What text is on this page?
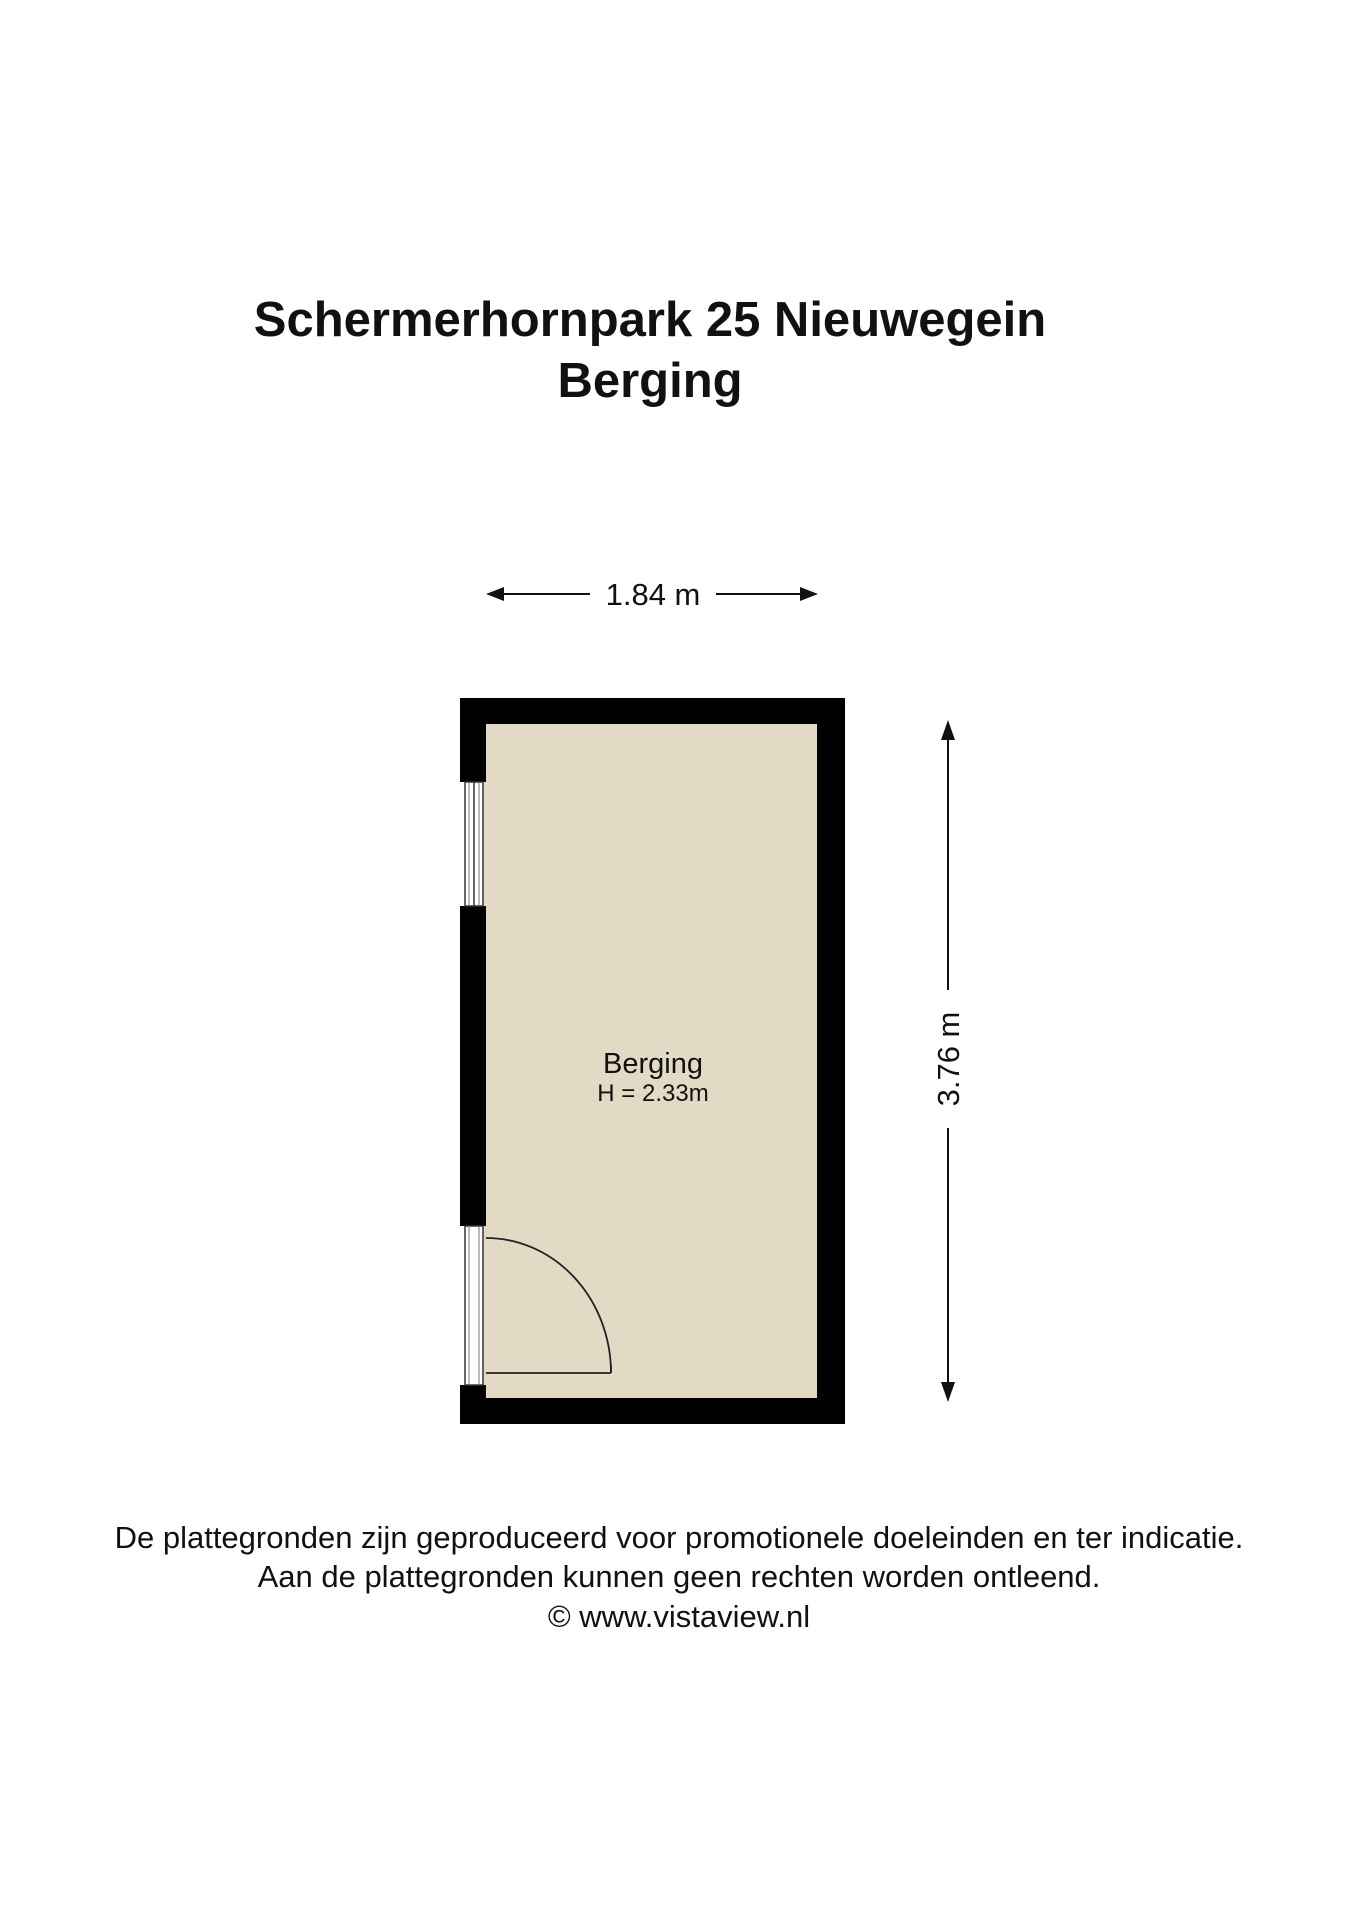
Schermerhornpark 25 Nieuwegein
Berging
1.84 m
3.76 m
Berging
H = 2.33m
De plattegronden zijn geproduceerd voor promotionele doeleinden en ter indicatie.
Aan de plattegronden kunnen geen rechten worden ontleend.
© www.vistaview.nl
